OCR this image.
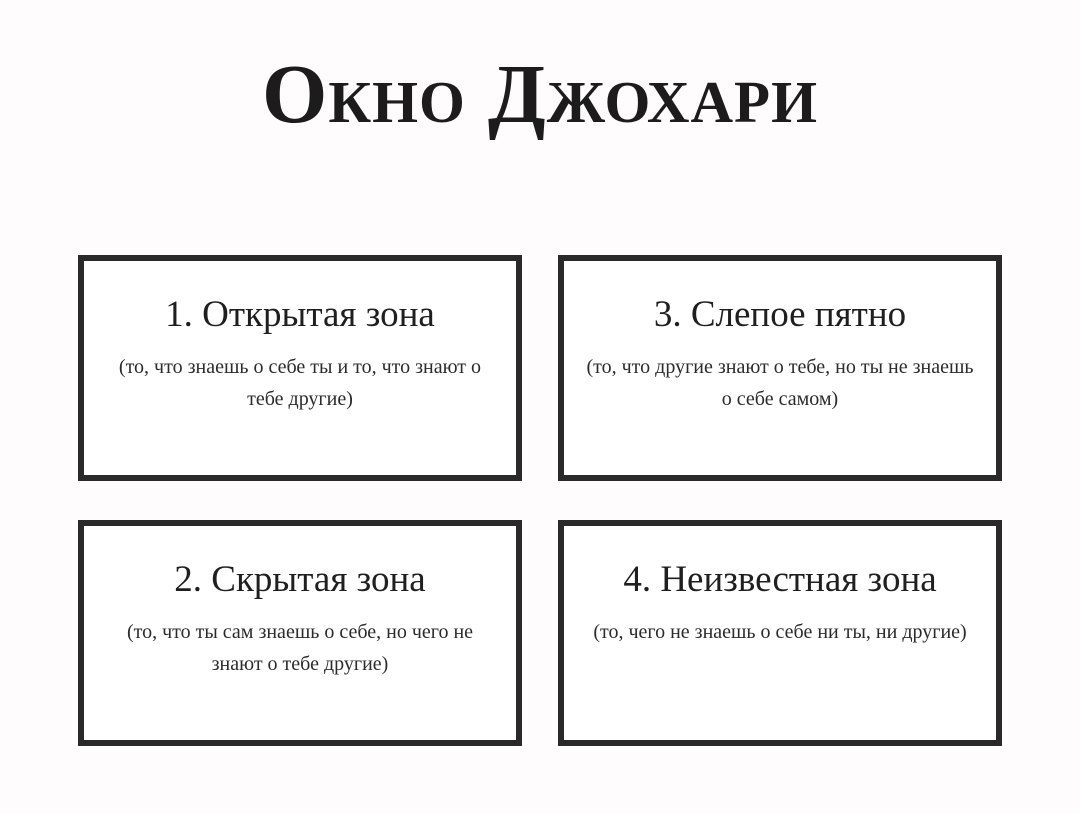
Окно Джохари
1. Открытая зона
(то, что знаешь о себе ты и то, что знают о тебе другие)
3. Слепое пятно
(то, что другие знают о тебе, но ты не знаешь о себе самом)
2. Скрытая зона
(то, что ты сам знаешь о себе, но чего не знают о тебе другие)
4. Неизвестная зона
(то, чего не знаешь о себе ни ты, ни другие)
